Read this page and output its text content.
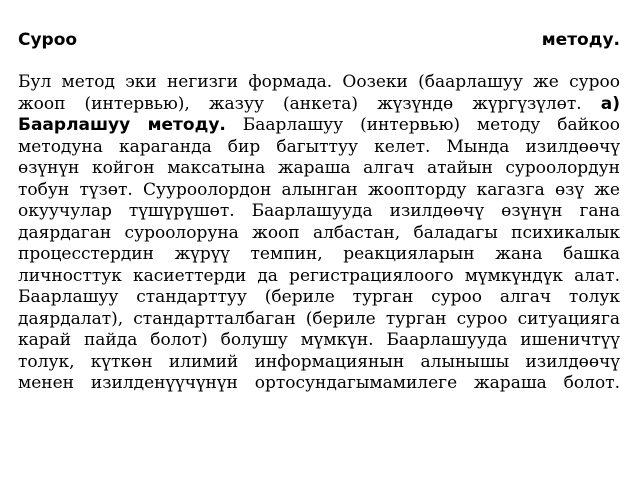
Суроо	методу.

Бул метод эки негизги формада. Оозеки (баарлашуу же суроо жооп (интервью), жазуу (анкета) жүзүндө жүргүзүлөт. а) Баарлашуу методу. Баарлашуу (интервью) методу байкоо методуна караганда бир багыттуу келет. Мында изилдөөчү өзүнүн койгон максатына жараша алгач атайын суроолордун тобун түзөт. Сууроолордон алынган жоопторду кагазга өзү же окуучулар түшүрүшөт. Баарлашууда изилдөөчү өзүнүн гана даярдаган суроолоруна жооп албастан, баладагы психикалык процесстердин жүрүү темпин, реакцияларын жана башка личносттук касиеттерди да регистрациялоого мүмкүндүк алат. Баарлашуу стандарттуу (бериле турган суроо алгач толук даярдалат), стандартталбаган (бериле турган суроо ситуацияга карай пайда болот) болушу мүмкүн. Баарлашууда ишеничтүү толук, күткөн илимий информациянын алынышы изилдөөчү менен изилденүүчүнүн ортосундагымамилеге жараша болот.
